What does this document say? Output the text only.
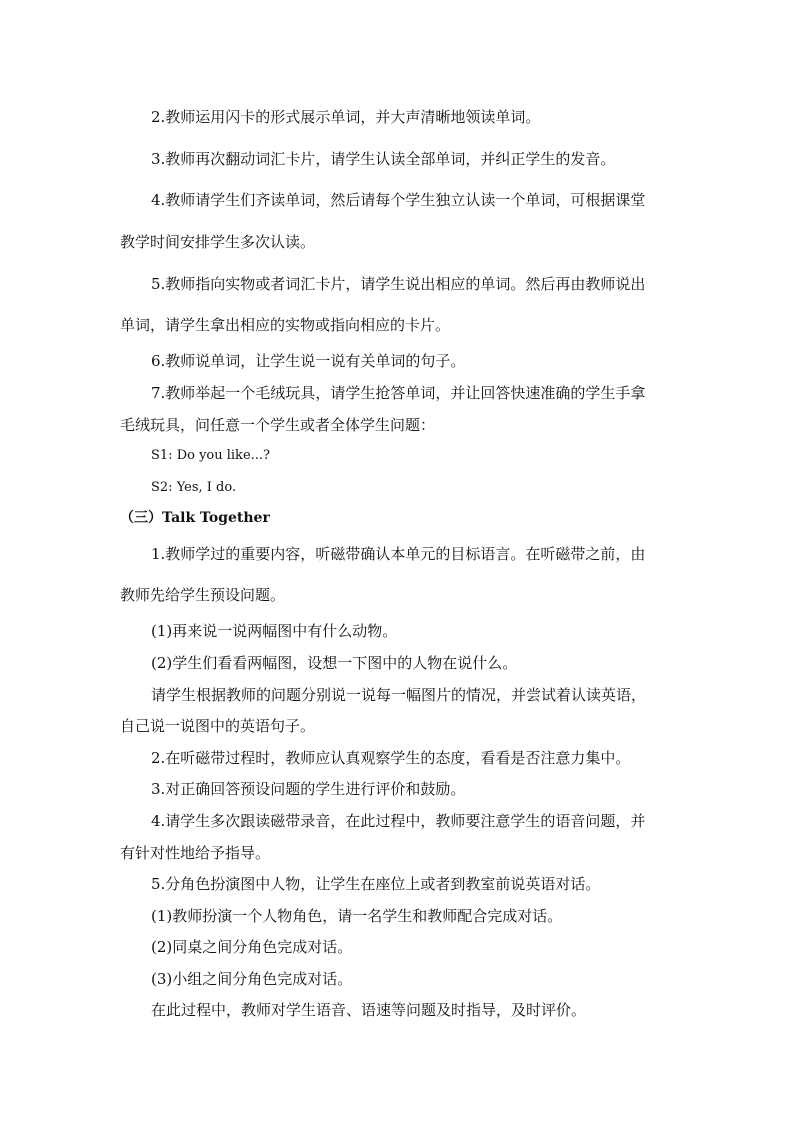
2.教师运用闪卡的形式展示单词，并大声清晰地领读单词。
3.教师再次翻动词汇卡片，请学生认读全部单词，并纠正学生的发音。
4.教师请学生们齐读单词，然后请每个学生独立认读一个单词，可根据课堂
教学时间安排学生多次认读。
5.教师指向实物或者词汇卡片，请学生说出相应的单词。然后再由教师说出
单词，请学生拿出相应的实物或指向相应的卡片。
6.教师说单词，让学生说一说有关单词的句子。
7.教师举起一个毛绒玩具，请学生抢答单词，并让回答快速准确的学生手拿
毛绒玩具，问任意一个学生或者全体学生问题：
S1: Do you like...?
S2: Yes, I do.
（三）Talk Together
1.教师学过的重要内容，听磁带确认本单元的目标语言。在听磁带之前，由
教师先给学生预设问题。
(1)再来说一说两幅图中有什么动物。
(2)学生们看看两幅图，设想一下图中的人物在说什么。
请学生根据教师的问题分别说一说每一幅图片的情况，并尝试着认读英语，
自己说一说图中的英语句子。
2.在听磁带过程时，教师应认真观察学生的态度，看看是否注意力集中。
3.对正确回答预设问题的学生进行评价和鼓励。
4.请学生多次跟读磁带录音，在此过程中，教师要注意学生的语音问题，并
有针对性地给予指导。
5.分角色扮演图中人物，让学生在座位上或者到教室前说英语对话。
(1)教师扮演一个人物角色，请一名学生和教师配合完成对话。
(2)同桌之间分角色完成对话。
(3)小组之间分角色完成对话。
在此过程中，教师对学生语音、语速等问题及时指导，及时评价。
